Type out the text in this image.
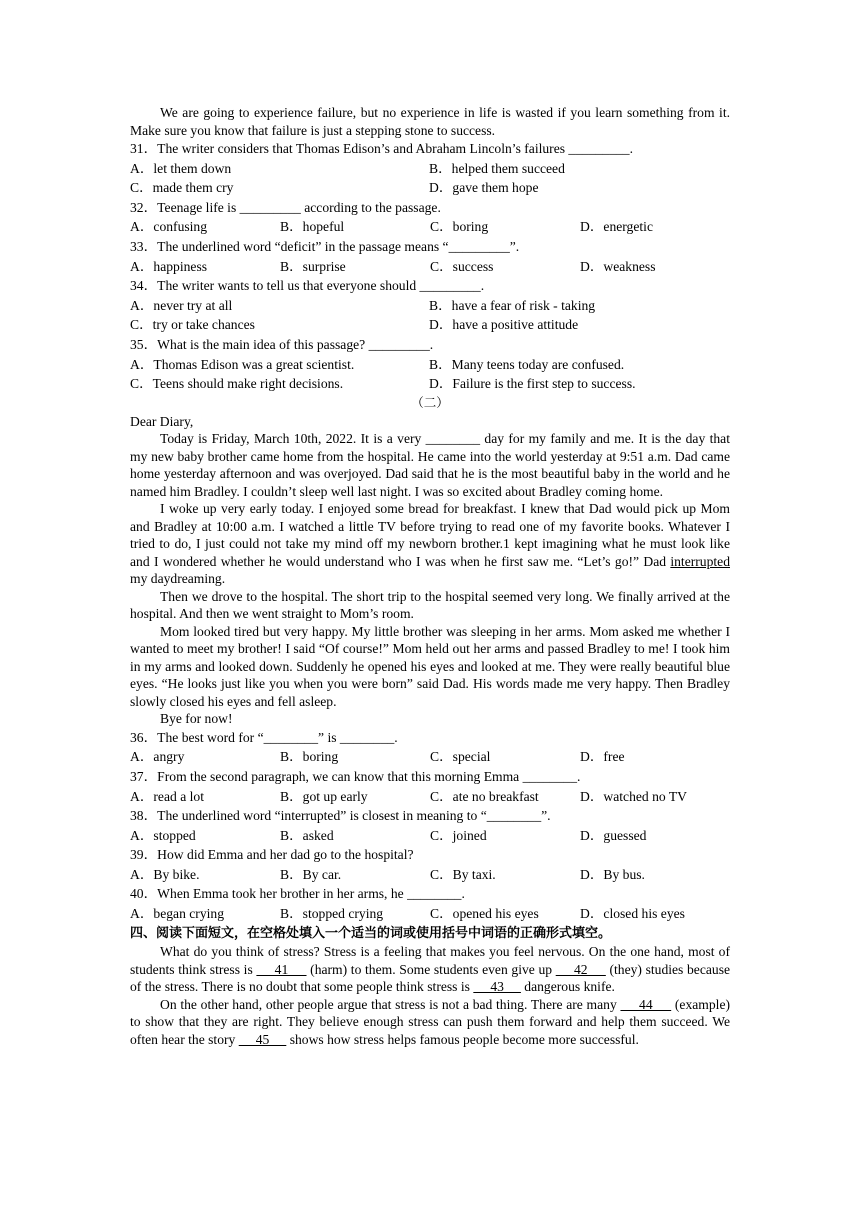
We are going to experience failure, but no experience in life is wasted if you learn something from it. Make sure you know that failure is just a stepping stone to success.
31．The writer considers that Thomas Edison’s and Abraham Lincoln’s failures _________.
A．let them down	B．helped them succeed
C．made them cry	D．gave them hope
32．Teenage life is _________ according to the passage.
A．confusing	B．hopeful	C．boring	D．energetic
33．The underlined word “deficit” in the passage means “_________”.
A．happiness	B．surprise	C．success	D．weakness
34．The writer wants to tell us that everyone should _________.
A．never try at all	B．have a fear of risk - taking
C．try or take chances	D．have a positive attitude
35．What is the main idea of this passage? _________.
A．Thomas Edison was a great scientist.	B．Many teens today are confused.
C．Teens should make right decisions.	D．Failure is the first step to success.
（二）
Dear Diary,
Today is Friday, March 10th, 2022. It is a very ________ day for my family and me. It is the day that my new baby brother came home from the hospital. He came into the world yesterday at 9:51 a.m. Dad came home yesterday afternoon and was overjoyed. Dad said that he is the most beautiful baby in the world and he named him Bradley. I couldn’t sleep well last night. I was so excited about Bradley coming home.
I woke up very early today. I enjoyed some bread for breakfast. I knew that Dad would pick up Mom and Bradley at 10:00 a.m. I watched a little TV before trying to read one of my favorite books. Whatever I tried to do, I just could not take my mind off my newborn brother.1 kept imagining what he must look like and I wondered whether he would understand who I was when he first saw me. “Let’s go!” Dad interrupted my daydreaming.
Then we drove to the hospital. The short trip to the hospital seemed very long. We finally arrived at the hospital. And then we went straight to Mom’s room.
Mom looked tired but very happy. My little brother was sleeping in her arms. Mom asked me whether I wanted to meet my brother! I said “Of course!” Mom held out her arms and passed Bradley to me! I took him in my arms and looked down. Suddenly he opened his eyes and looked at me. They were really beautiful blue eyes. “He looks just like you when you were born” said Dad. His words made me very happy. Then Bradley slowly closed his eyes and fell asleep.
Bye for now!
36．The best word for “________” is ________.
A．angry	B．boring	C．special	D．free
37．From the second paragraph, we can know that this morning Emma ________.
A．read a lot	B．got up early	C．ate no breakfast	D．watched no TV
38．The underlined word “interrupted” is closest in meaning to “________”.
A．stopped	B．asked	C．joined	D．guessed
39．How did Emma and her dad go to the hospital?
A．By bike.	B．By car.	C．By taxi.	D．By bus.
40．When Emma took her brother in her arms, he ________.
A．began crying	B．stopped crying	C．opened his eyes	D．closed his eyes
四、阅读下面短文，在空格处填入一个适当的词或使用括号中词语的正确形式填空。
What do you think of stress? Stress is a feeling that makes you feel nervous. On the one hand, most of students think stress is      41      (harm) to them. Some students even give up      42      (they) studies because of the stress. There is no doubt that some people think stress is      43      dangerous knife.
On the other hand, other people argue that stress is not a bad thing. There are many      44      (example) to show that they are right. They believe enough stress can push them forward and help them succeed. We often hear the story      45      shows how stress helps famous people become more successful.
